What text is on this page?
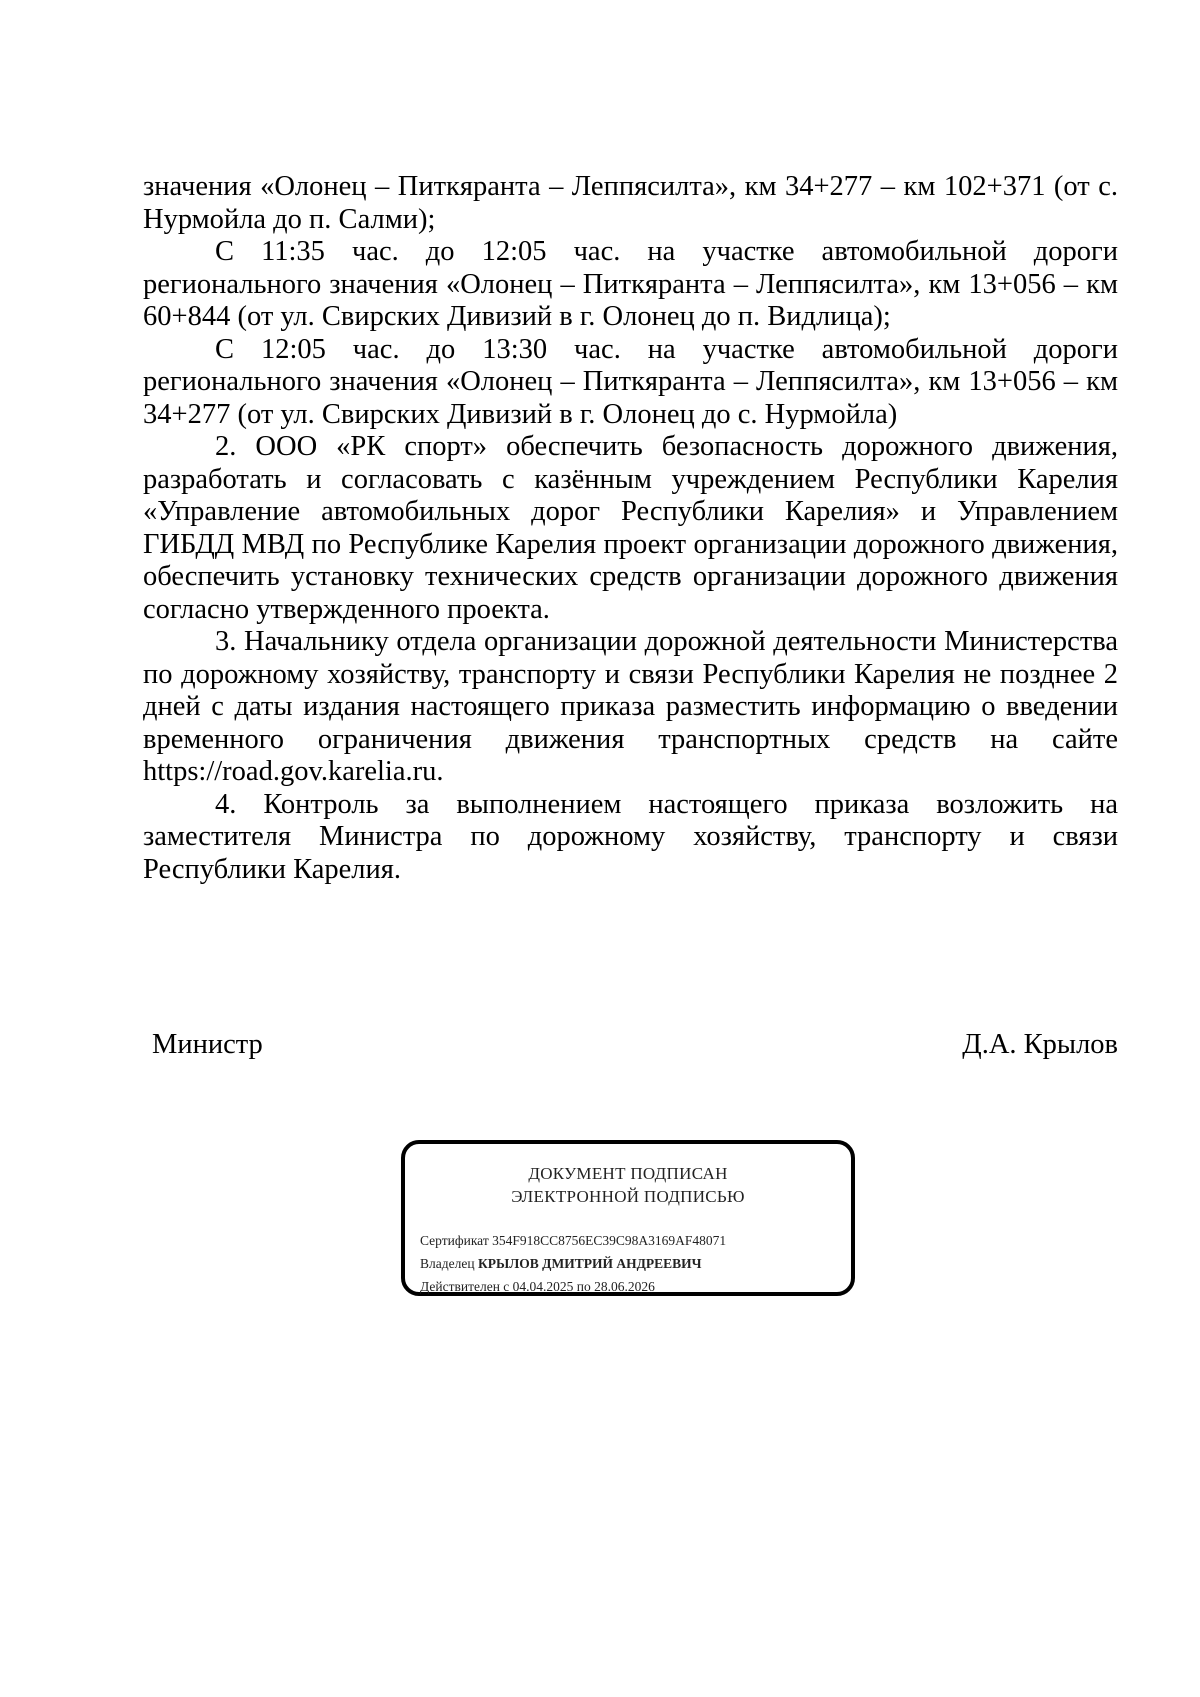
значения «Олонец – Питкяранта – Леппясилта», км 34+277 – км 102+371 (от с. Нурмойла до п. Салми);

С 11:35 час. до 12:05 час. на участке автомобильной дороги регионального значения «Олонец – Питкяранта – Леппясилта», км 13+056 – км 60+844 (от ул. Свирских Дивизий в г. Олонец до п. Видлица);

С 12:05 час. до 13:30 час. на участке автомобильной дороги регионального значения «Олонец – Питкяранта – Леппясилта», км 13+056 – км 34+277 (от ул. Свирских Дивизий в г. Олонец до с. Нурмойла)

2. ООО «РК спорт» обеспечить безопасность дорожного движения, разработать и согласовать с казённым учреждением Республики Карелия «Управление автомобильных дорог Республики Карелия» и Управлением ГИБДД МВД по Республике Карелия проект организации дорожного движения, обеспечить установку технических средств организации дорожного движения согласно утвержденного проекта.

3. Начальнику отдела организации дорожной деятельности Министерства по дорожному хозяйству, транспорту и связи Республики Карелия не позднее 2 дней с даты издания настоящего приказа разместить информацию о введении временного ограничения движения транспортных средств на сайте https://road.gov.karelia.ru.

4. Контроль за выполнением настоящего приказа возложить на заместителя Министра по дорожному хозяйству, транспорту и связи Республики Карелия.

Министр	Д.А. Крылов
ДОКУМЕНТ ПОДПИСАН
ЭЛЕКТРОННОЙ ПОДПИСЬЮ
Сертификат 354F918CC8756EC39C98A3169AF48071
Владелец КРЫЛОВ ДМИТРИЙ АНДРЕЕВИЧ
Действителен с 04.04.2025 по 28.06.2026
